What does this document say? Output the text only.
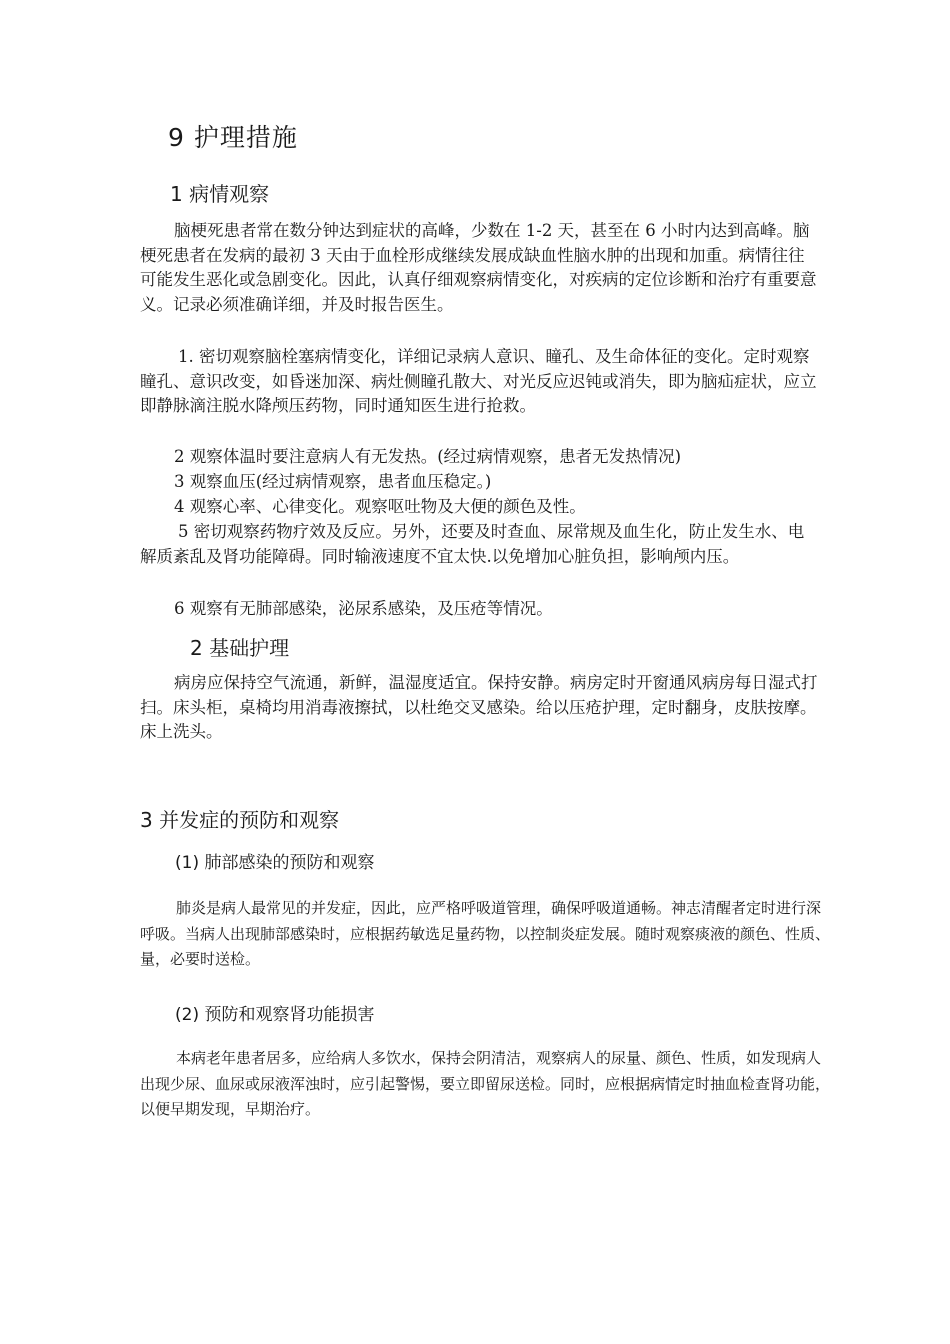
9 护理措施
1 病情观察
脑梗死患者常在数分钟达到症状的高峰，少数在 1-2 天，甚至在 6 小时内达到高峰。脑梗死患者在发病的最初 3 天由于血栓形成继续发展成缺血性脑水肿的出现和加重。病情往往可能发生恶化或急剧变化。因此，认真仔细观察病情变化，对疾病的定位诊断和治疗有重要意义。记录必须准确详细，并及时报告医生。
1. 密切观察脑栓塞病情变化，详细记录病人意识、瞳孔、及生命体征的变化。定时观察瞳孔、意识改变，如昏迷加深、病灶侧瞳孔散大、对光反应迟钝或消失，即为脑疝症状，应立即静脉滴注脱水降颅压药物，同时通知医生进行抢救。
2 观察体温时要注意病人有无发热。(经过病情观察，患者无发热情况)
3 观察血压(经过病情观察，患者血压稳定。)
4 观察心率、心律变化。观察呕吐物及大便的颜色及性。
5 密切观察药物疗效及反应。另外，还要及时查血、尿常规及血生化，防止发生水、电解质紊乱及肾功能障碍。同时输液速度不宜太快.以免增加心脏负担，影响颅内压。
6 观察有无肺部感染，泌尿系感染，及压疮等情况。
2 基础护理
病房应保持空气流通，新鲜，温湿度适宜。保持安静。病房定时开窗通风病房每日湿式打扫。床头柜，桌椅均用消毒液擦拭，以杜绝交叉感染。给以压疮护理，定时翻身，皮肤按摩。床上洗头。
3 并发症的预防和观察
(1) 肺部感染的预防和观察
肺炎是病人最常见的并发症，因此，应严格呼吸道管理，确保呼吸道通畅。神志清醒者定时进行深呼吸。当病人出现肺部感染时，应根据药敏选足量药物，以控制炎症发展。随时观察痰液的颜色、性质、量，必要时送检。
(2) 预防和观察肾功能损害
本病老年患者居多，应给病人多饮水，保持会阴清洁，观察病人的尿量、颜色、性质，如发现病人出现少尿、血尿或尿液浑浊时，应引起警惕，要立即留尿送检。同时，应根据病情定时抽血检查肾功能，以便早期发现，早期治疗。
